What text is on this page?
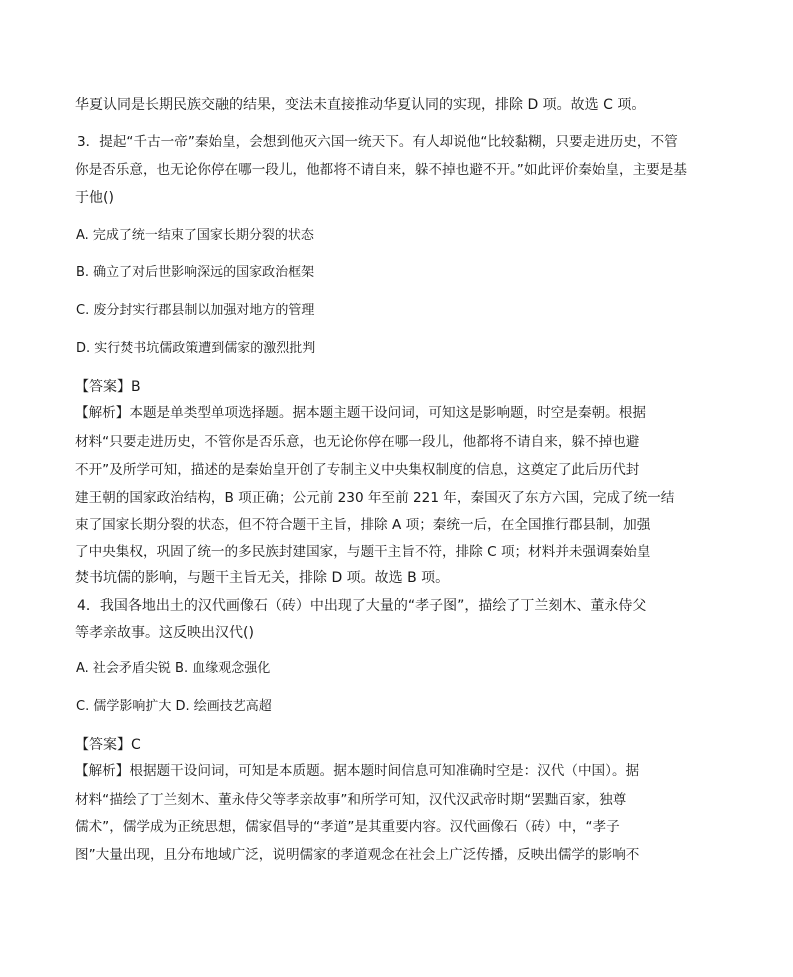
华夏认同是长期民族交融的结果，变法未直接推动华夏认同的实现，排除 D 项。故选 C 项。
3．提起“千古一帝”秦始皇，会想到他灭六国一统天下。有人却说他“比较黏糊，只要走进历史，不管
你是否乐意，也无论你停在哪一段儿，他都将不请自来，躲不掉也避不开。”如此评价秦始皇，主要是基
于他()
A. 完成了统一结束了国家长期分裂的状态
B. 确立了对后世影响深远的国家政治框架
C. 废分封实行郡县制以加强对地方的管理
D. 实行焚书坑儒政策遭到儒家的激烈批判
【答案】B
【解析】本题是单类型单项选择题。据本题主题干设问词，可知这是影响题，时空是秦朝。根据
材料“只要走进历史，不管你是否乐意，也无论你停在哪一段儿，他都将不请自来，躲不掉也避
不开”及所学可知，描述的是秦始皇开创了专制主义中央集权制度的信息，这奠定了此后历代封
建王朝的国家政治结构，B 项正确；公元前 230 年至前 221 年，秦国灭了东方六国，完成了统一结
束了国家长期分裂的状态，但不符合题干主旨，排除 A 项；秦统一后，在全国推行郡县制，加强
了中央集权，巩固了统一的多民族封建国家，与题干主旨不符，排除 C 项；材料并未强调秦始皇
焚书坑儒的影响，与题干主旨无关，排除 D 项。故选 B 项。
4．我国各地出土的汉代画像石（砖）中出现了大量的“孝子图”，描绘了丁兰刻木、董永侍父
等孝亲故事。这反映出汉代()
A. 社会矛盾尖锐 B. 血缘观念强化
C. 儒学影响扩大 D. 绘画技艺高超
【答案】C
【解析】根据题干设问词，可知是本质题。据本题时间信息可知准确时空是：汉代（中国）。据
材料“描绘了丁兰刻木、董永侍父等孝亲故事”和所学可知，汉代汉武帝时期“罢黜百家，独尊
儒术”，儒学成为正统思想，儒家倡导的“孝道”是其重要内容。汉代画像石（砖）中，“孝子
图”大量出现，且分布地域广泛，说明儒家的孝道观念在社会上广泛传播，反映出儒学的影响不
